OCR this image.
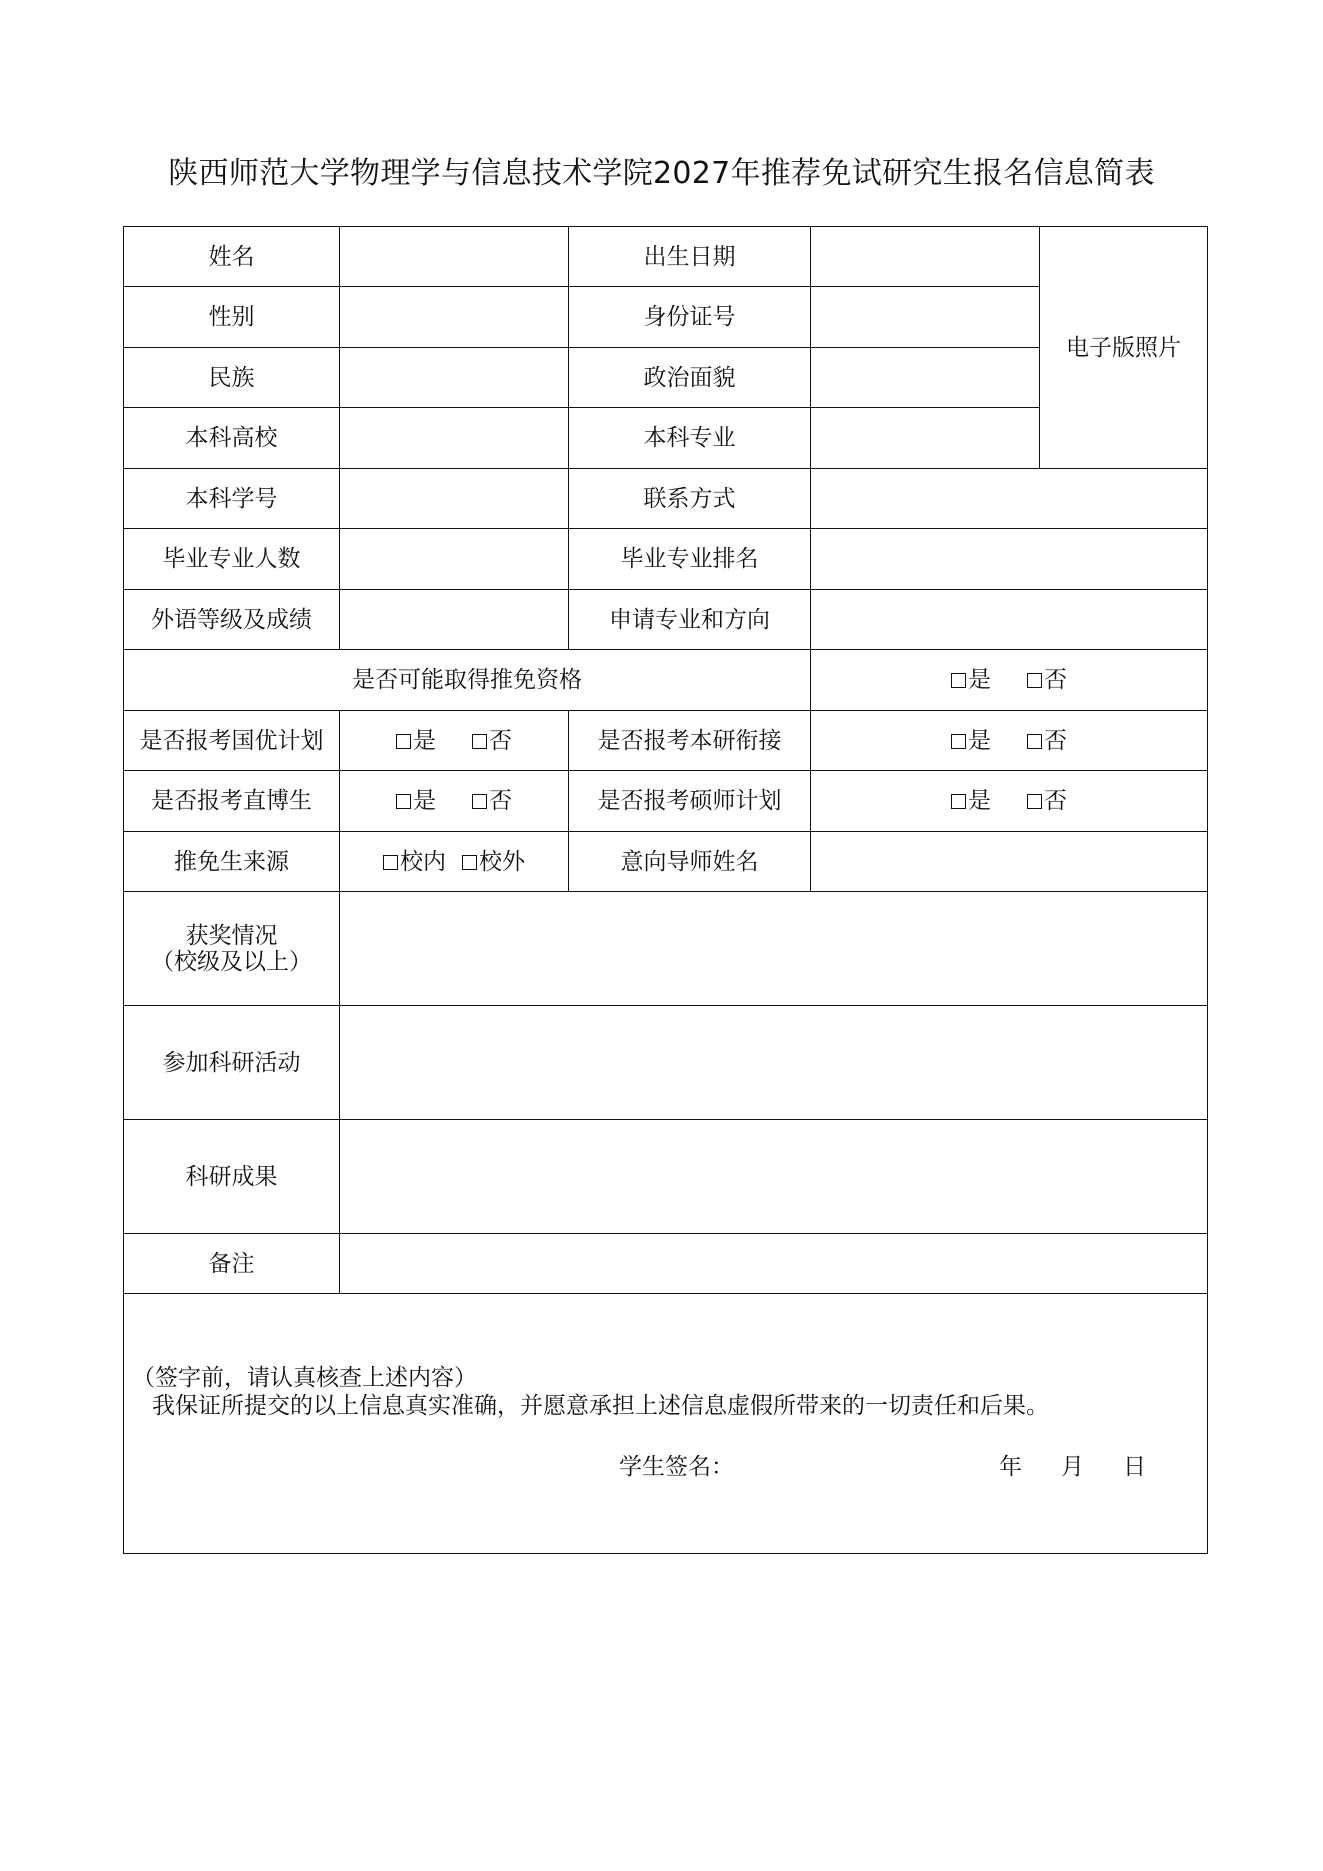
陕西师范大学物理学与信息技术学院2027年推荐免试研究生报名信息简表
姓名		出生日期		电子版照片
性别		身份证号		
民族		政治面貌		
本科高校		本科专业		
本科学号		联系方式		
毕业专业人数		毕业专业排名		
外语等级及成绩		申请专业和方向		
是否可能取得推免资格			是 否	
是否报考国优计划	是 否	是否报考本研衔接	是 否	
是否报考直博生	是 否	是否报考硕师计划	是 否	
推免生来源	校内 校外	意向导师姓名		

获奖情况
（校级及以上）				

参加科研活动				
科研成果				
备注				

（签字前，请认真核查上述内容）
我保证所提交的以上信息真实准确，并愿意承担上述信息虚假所带来的一切责任和后果。
学生签名： 年 月 日				
